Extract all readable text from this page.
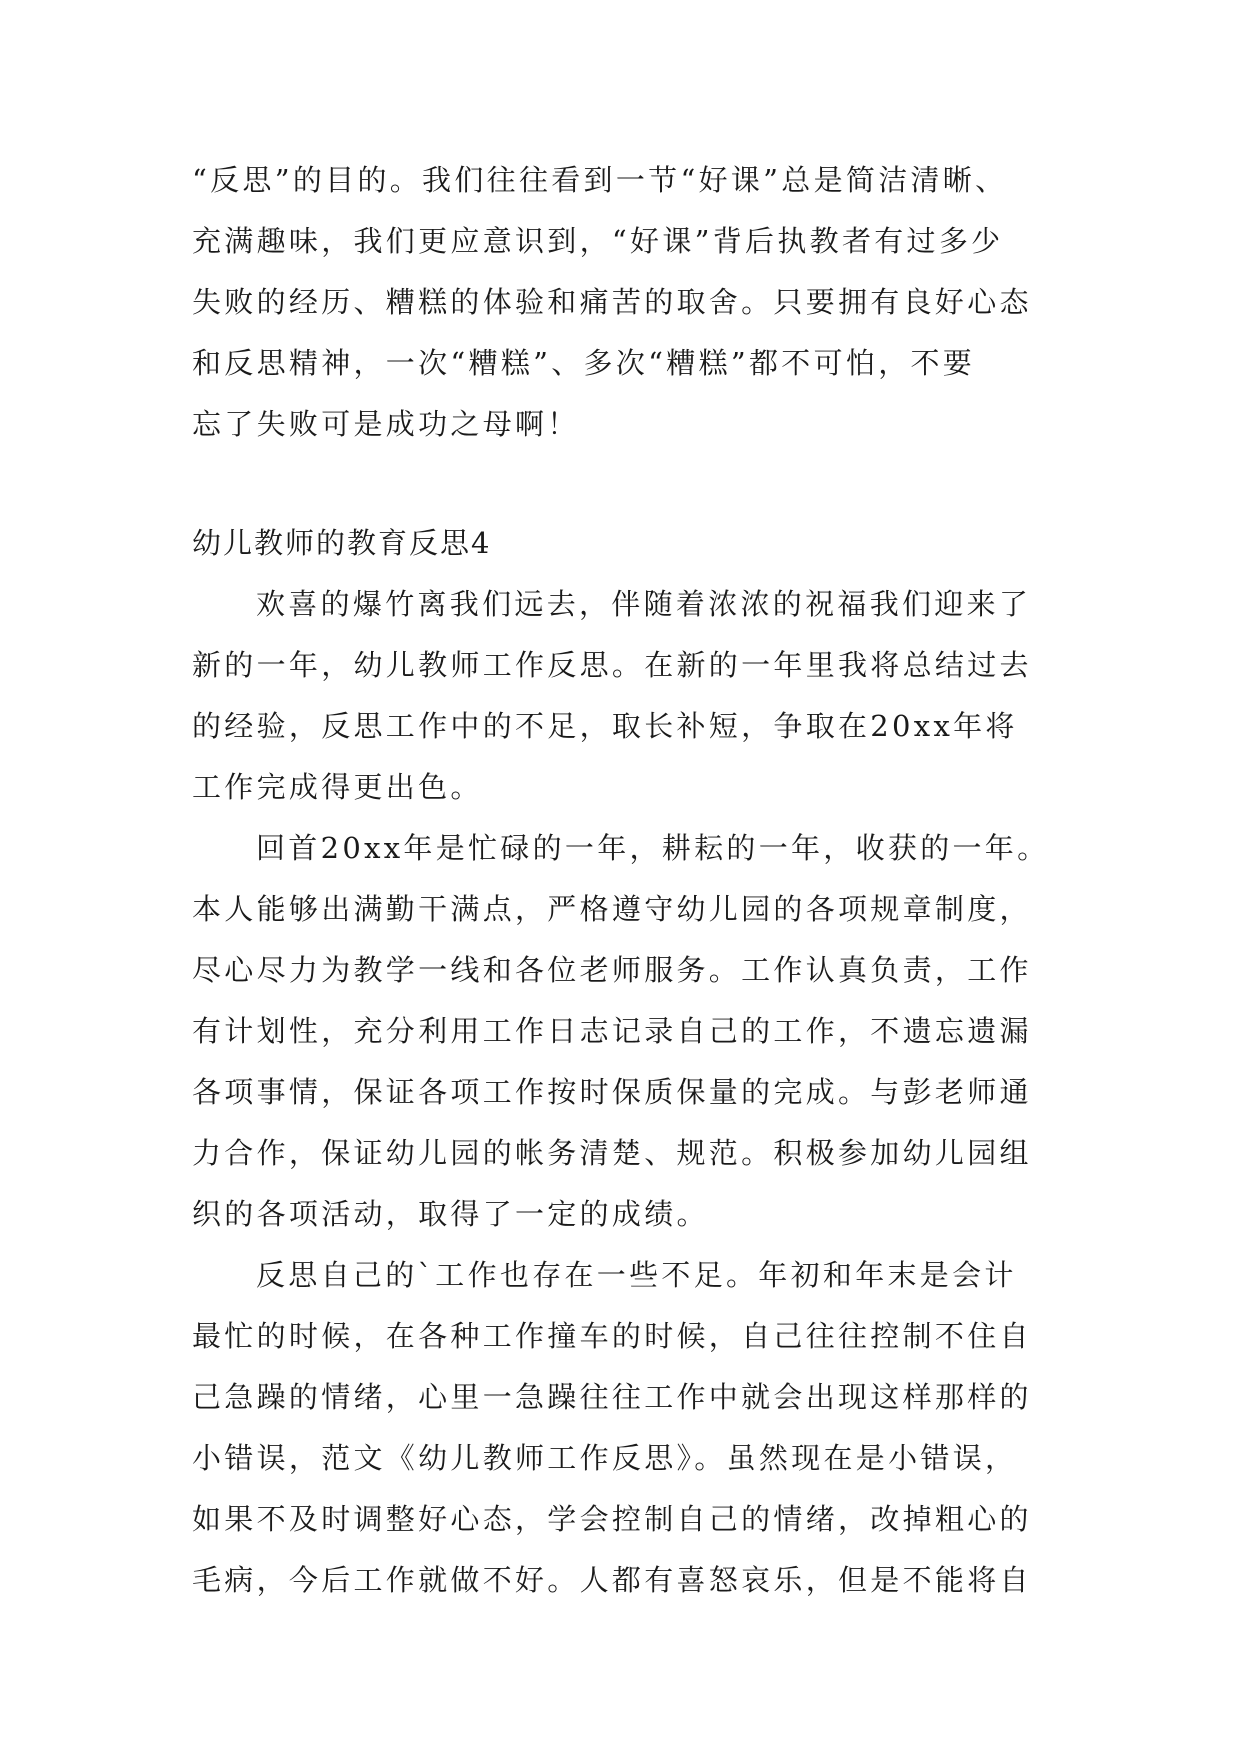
“反思”的目的。我们往往看到一节“好课”总是简洁清晰、
充满趣味，我们更应意识到，“好课”背后执教者有过多少
失败的经历、糟糕的体验和痛苦的取舍。只要拥有良好心态
和反思精神，一次“糟糕”、多次“糟糕”都不可怕，不要
忘了失败可是成功之母啊！
幼儿教师的教育反思4
欢喜的爆竹离我们远去，伴随着浓浓的祝福我们迎来了
新的一年，幼儿教师工作反思。在新的一年里我将总结过去
的经验，反思工作中的不足，取长补短，争取在20xx年将
工作完成得更出色。
回首20xx年是忙碌的一年，耕耘的一年，收获的一年。
本人能够出满勤干满点，严格遵守幼儿园的各项规章制度，
尽心尽力为教学一线和各位老师服务。工作认真负责，工作
有计划性，充分利用工作日志记录自己的工作，不遗忘遗漏
各项事情，保证各项工作按时保质保量的完成。与彭老师通
力合作，保证幼儿园的帐务清楚、规范。积极参加幼儿园组
织的各项活动，取得了一定的成绩。
反思自己的`工作也存在一些不足。年初和年末是会计
最忙的时候，在各种工作撞车的时候，自己往往控制不住自
己急躁的情绪，心里一急躁往往工作中就会出现这样那样的
小错误，范文《幼儿教师工作反思》。虽然现在是小错误，
如果不及时调整好心态，学会控制自己的情绪，改掉粗心的
毛病，今后工作就做不好。人都有喜怒哀乐，但是不能将自
